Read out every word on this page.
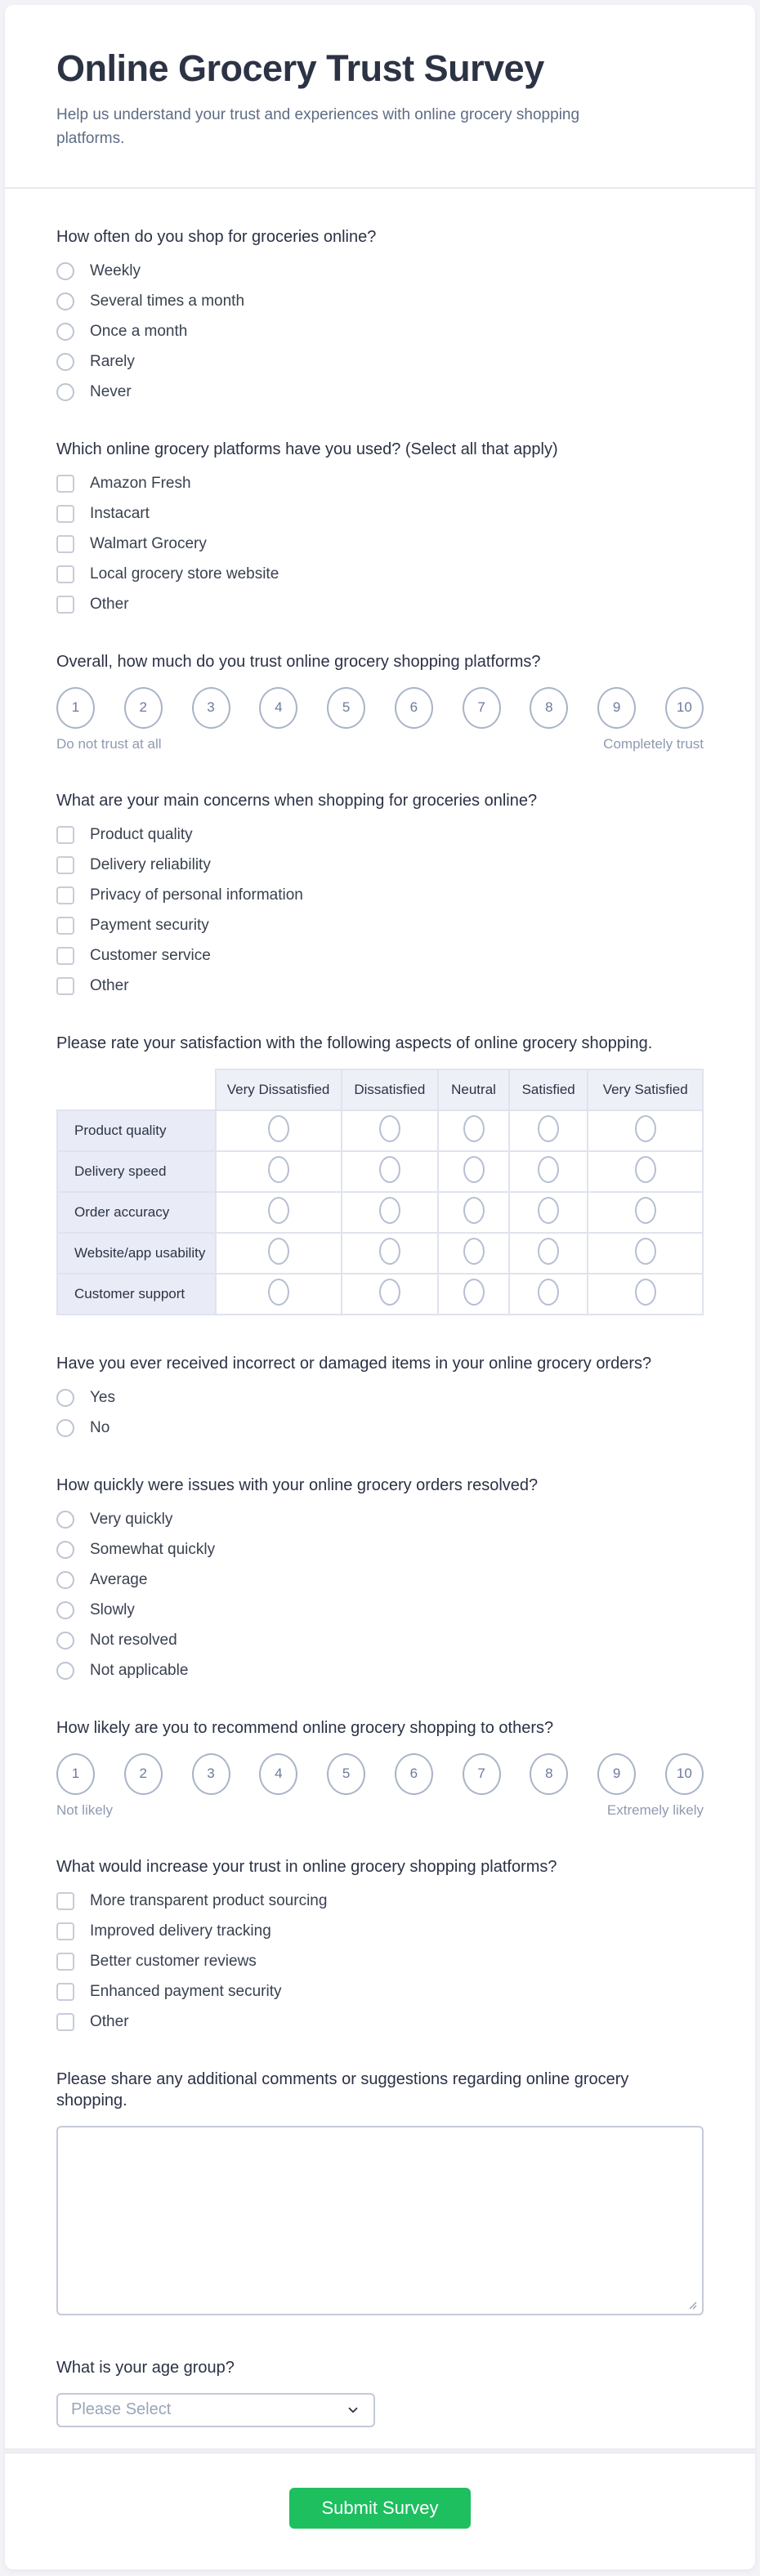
Online Grocery Trust Survey
Help us understand your trust and experiences with online grocery shopping platforms.
How often do you shop for groceries online?
Weekly
Several times a month
Once a month
Rarely
Never
Which online grocery platforms have you used? (Select all that apply)
Amazon Fresh
Instacart
Walmart Grocery
Local grocery store website
Other
Overall, how much do you trust online grocery shopping platforms?
1	2	3	4	5	6	7	8	9	10
Do not trust at all	Completely trust
What are your main concerns when shopping for groceries online?
Product quality
Delivery reliability
Privacy of personal information
Payment security
Customer service
Other
Please rate your satisfaction with the following aspects of online grocery shopping.
	Very Dissatisfied	Dissatisfied	Neutral	Satisfied	Very Satisfied
Product quality					
Delivery speed					
Order accuracy					
Website/app usability					
Customer support					
Have you ever received incorrect or damaged items in your online grocery orders?
Yes
No
How quickly were issues with your online grocery orders resolved?
Very quickly
Somewhat quickly
Average
Slowly
Not resolved
Not applicable
How likely are you to recommend online grocery shopping to others?
1	2	3	4	5	6	7	8	9	10
Not likely	Extremely likely
What would increase your trust in online grocery shopping platforms?
More transparent product sourcing
Improved delivery tracking
Better customer reviews
Enhanced payment security
Other
Please share any additional comments or suggestions regarding online grocery shopping.
What is your age group?
Please Select
Submit Survey
